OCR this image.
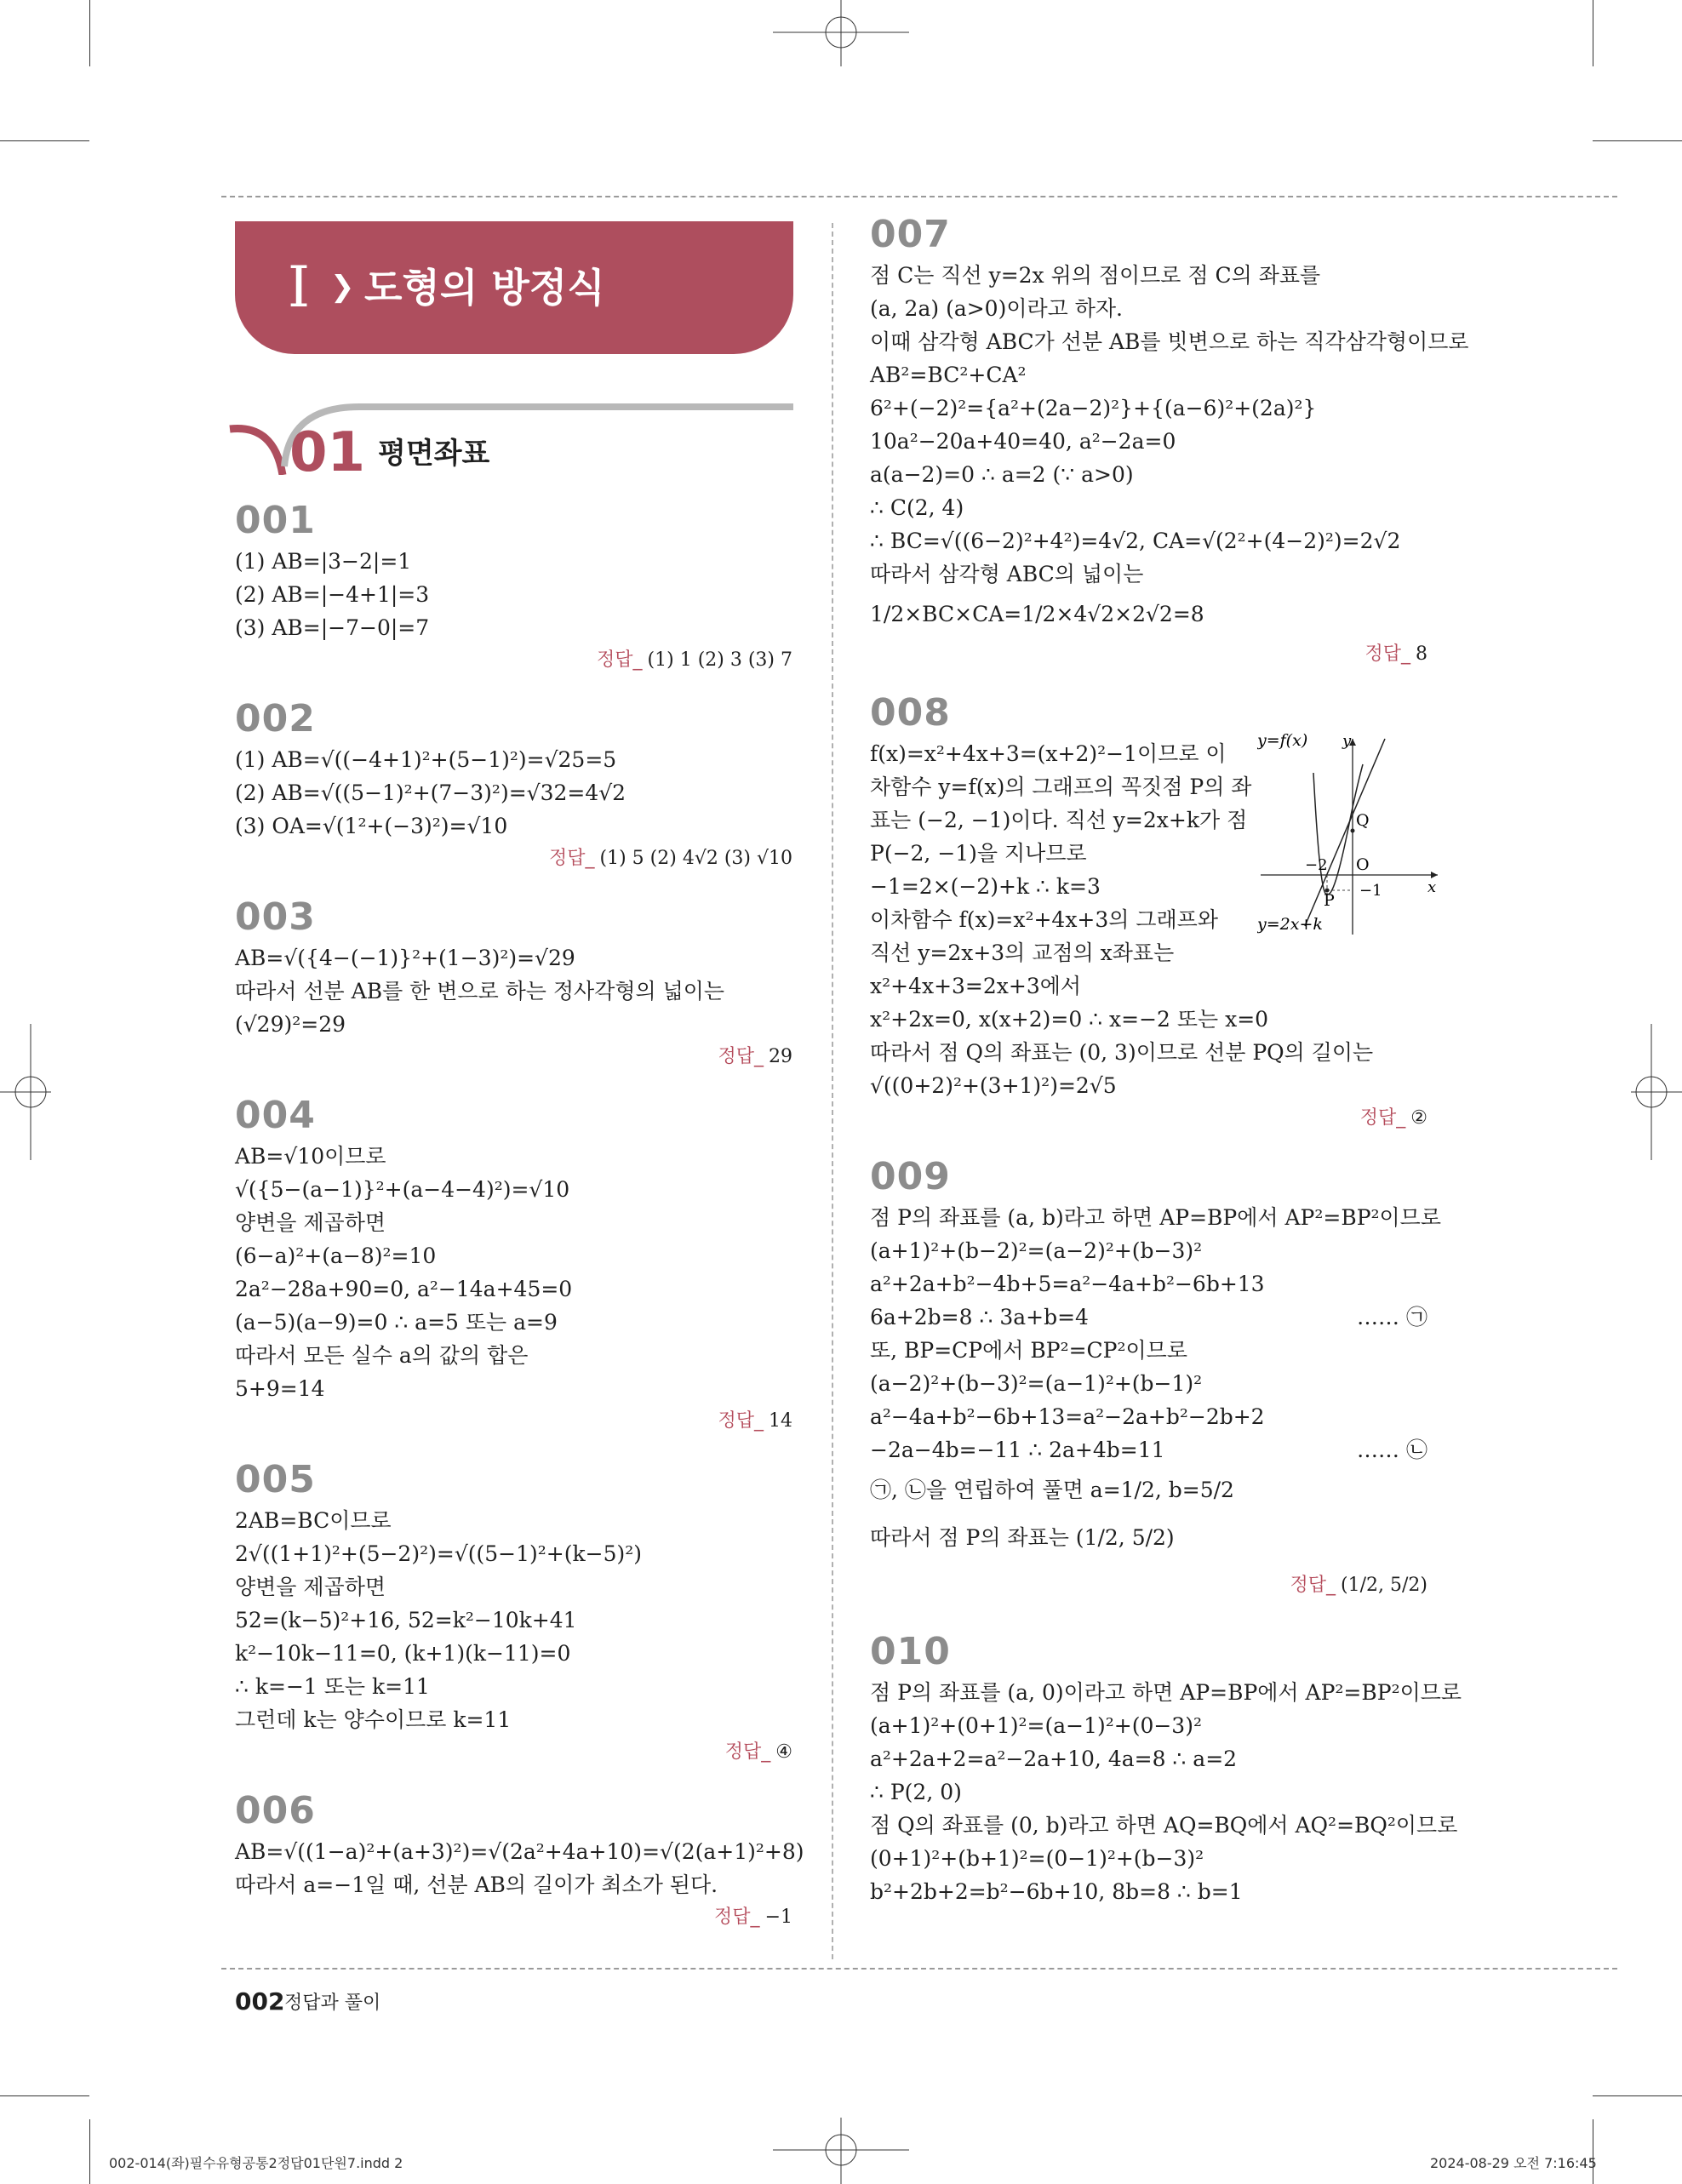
I ❯ 도형의 방정식
01 평면좌표
001
(1) AB=|3−2|=1
(2) AB=|−4+1|=3
(3) AB=|−7−0|=7
정답_ (1) 1 (2) 3 (3) 7
002
(1) AB=√((−4+1)²+(5−1)²)=√25=5
(2) AB=√((5−1)²+(7−3)²)=√32=4√2
(3) OA=√(1²+(−3)²)=√10
정답_ (1) 5 (2) 4√2 (3) √10
003
AB=√({4−(−1)}²+(1−3)²)=√29
따라서 선분 AB를 한 변으로 하는 정사각형의 넓이는
(√29)²=29
정답_ 29
004
AB=√10이므로
√({5−(a−1)}²+(a−4−4)²)=√10
양변을 제곱하면
(6−a)²+(a−8)²=10
2a²−28a+90=0, a²−14a+45=0
(a−5)(a−9)=0 ∴ a=5 또는 a=9
따라서 모든 실수 a의 값의 합은
5+9=14
정답_ 14
005
2AB=BC이므로
2√((1+1)²+(5−2)²)=√((5−1)²+(k−5)²)
양변을 제곱하면
52=(k−5)²+16, 52=k²−10k+41
k²−10k−11=0, (k+1)(k−11)=0
∴ k=−1 또는 k=11
그런데 k는 양수이므로 k=11
정답_ ④
006
AB=√((1−a)²+(a+3)²)=√(2a²+4a+10)=√(2(a+1)²+8)
따라서 a=−1일 때, 선분 AB의 길이가 최소가 된다.
정답_ −1
007
점 C는 직선 y=2x 위의 점이므로 점 C의 좌표를
(a, 2a) (a>0)이라고 하자.
이때 삼각형 ABC가 선분 AB를 빗변으로 하는 직각삼각형이므로
AB²=BC²+CA²
6²+(−2)²={a²+(2a−2)²}+{(a−6)²+(2a)²}
10a²−20a+40=40, a²−2a=0
a(a−2)=0 ∴ a=2 (∵ a>0)
∴ C(2, 4)
∴ BC=√((6−2)²+4²)=4√2, CA=√(2²+(4−2)²)=2√2
따라서 삼각형 ABC의 넓이는
1/2×BC×CA=1/2×4√2×2√2=8
정답_ 8
008
f(x)=x²+4x+3=(x+2)²−1이므로 이
차함수 y=f(x)의 그래프의 꼭짓점 P의 좌
표는 (−2, −1)이다. 직선 y=2x+k가 점
P(−2, −1)을 지나므로
−1=2×(−2)+k ∴ k=3
이차함수 f(x)=x²+4x+3의 그래프와
직선 y=2x+3의 교점의 x좌표는
x²+4x+3=2x+3에서
x²+2x=0, x(x+2)=0 ∴ x=−2 또는 x=0
따라서 점 Q의 좌표는 (0, 3)이므로 선분 PQ의 길이는
√((0+2)²+(3+1)²)=2√5
정답_ ②
y=f(x) y
x
Q
O
P
−2
−1
y=2x+k
009
점 P의 좌표를 (a, b)라고 하면 AP=BP에서 AP²=BP²이므로
(a+1)²+(b−2)²=(a−2)²+(b−3)²
a²+2a+b²−4b+5=a²−4a+b²−6b+13
6a+2b=8 ∴ 3a+b=4	…… ㉠
또, BP=CP에서 BP²=CP²이므로
(a−2)²+(b−3)²=(a−1)²+(b−1)²
a²−4a+b²−6b+13=a²−2a+b²−2b+2
−2a−4b=−11 ∴ 2a+4b=11	…… ㉡
㉠, ㉡을 연립하여 풀면 a=1/2, b=5/2
따라서 점 P의 좌표는 (1/2, 5/2)
정답_ (1/2, 5/2)
010
점 P의 좌표를 (a, 0)이라고 하면 AP=BP에서 AP²=BP²이므로
(a+1)²+(0+1)²=(a−1)²+(0−3)²
a²+2a+2=a²−2a+10, 4a=8 ∴ a=2
∴ P(2, 0)
점 Q의 좌표를 (0, b)라고 하면 AQ=BQ에서 AQ²=BQ²이므로
(0+1)²+(b+1)²=(0−1)²+(b−3)²
b²+2b+2=b²−6b+10, 8b=8 ∴ b=1
002 정답과 풀이
002-014(좌)필수유형공통2정답01단원7.indd 2	2024-08-29 오전 7:16:45
